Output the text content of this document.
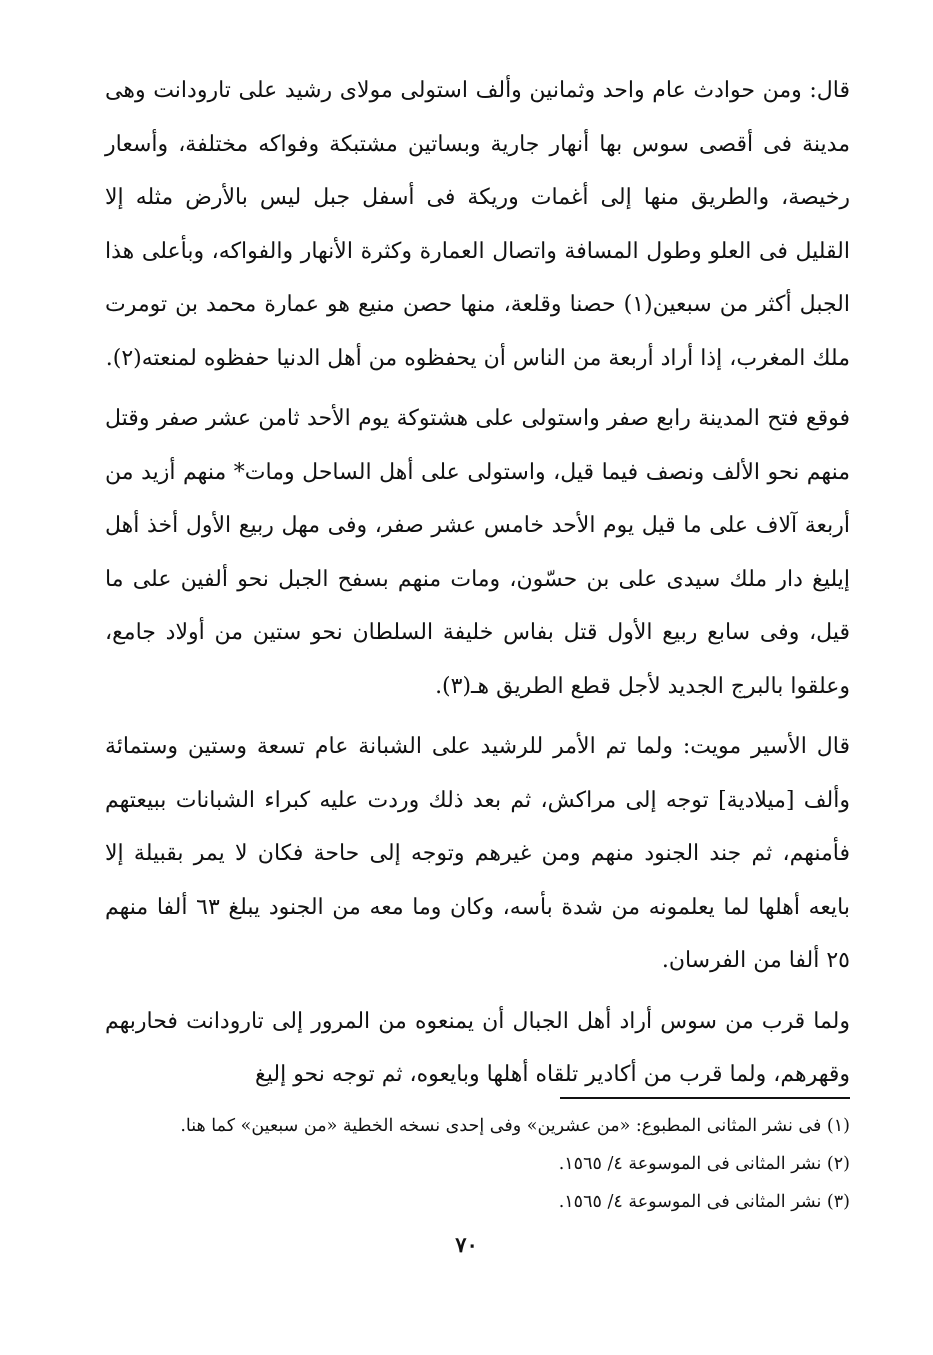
قال: ومن حوادث عام واحد وثمانين وألف استولى مولاى رشيد على تارودانت وهى مدينة فى أقصى سوس بها أنهار جارية وبساتين مشتبكة وفواكه مختلفة، وأسعار رخيصة، والطريق منها إلى أغمات وريكة فى أسفل جبل ليس بالأرض مثله إلا القليل فى العلو وطول المسافة واتصال العمارة وكثرة الأنهار والفواكه، وبأعلى هذا الجبل أكثر من سبعين(١) حصنا وقلعة، منها حصن منيع هو عمارة محمد بن تومرت ملك المغرب، إذا أراد أربعة من الناس أن يحفظوه من أهل الدنيا حفظوه لمنعته(٢).

فوقع فتح المدينة رابع صفر واستولى على هشتوكة يوم الأحد ثامن عشر صفر وقتل منهم نحو الألف ونصف فيما قيل، واستولى على أهل الساحل ومات* منهم أزيد من أربعة آلاف على ما قيل يوم الأحد خامس عشر صفر، وفى مهل ربيع الأول أخذ أهل إيليغ دار ملك سيدى على بن حسّون، ومات منهم بسفح الجبل نحو ألفين على ما قيل، وفى سابع ربيع الأول قتل بفاس خليفة السلطان نحو ستين من أولاد جامع، وعلقوا بالبرج الجديد لأجل قطع الطريق هـ(٣).

قال الأسير مويت: ولما تم الأمر للرشيد على الشبانة عام تسعة وستين وستمائة وألف [ميلادية] توجه إلى مراكش، ثم بعد ذلك وردت عليه كبراء الشبانات ببيعتهم فأمنهم، ثم جند الجنود منهم ومن غيرهم وتوجه إلى حاحة فكان لا يمر بقبيلة إلا بايعه أهلها لما يعلمونه من شدة بأسه، وكان وما معه من الجنود يبلغ ٦٣ ألفا منهم ٢٥ ألفا من الفرسان.

ولما قرب من سوس أراد أهل الجبال أن يمنعوه من المرور إلى تارودانت فحاربهم وقهرهم، ولما قرب من أكادير تلقاه أهلها وبايعوه، ثم توجه نحو إليغ

(١) فى نشر المثانى المطبوع: «من عشرين» وفى إحدى نسخه الخطية «من سبعين» كما هنا.

(٢) نشر المثانى فى الموسوعة ٤/ ١٥٦٥.

(٣) نشر المثانى فى الموسوعة ٤/ ١٥٦٥.

٧٠
